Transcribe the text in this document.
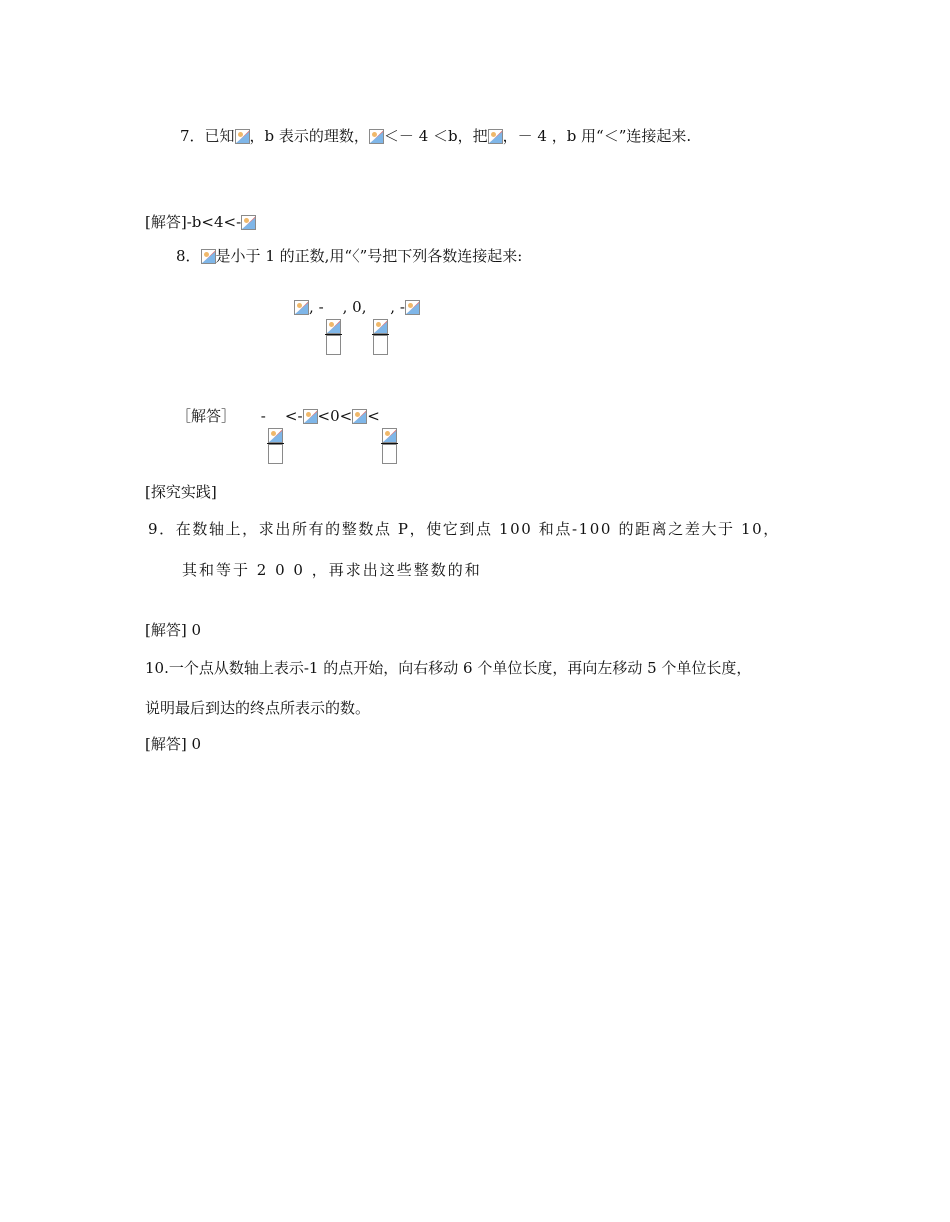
7．已知 ，b 表示的理数， ＜－ 4 ＜b，把 ，－ 4 ，b 用“＜”连接起来.
[解答]-b<4<-
8． 是小于 1 的正数,用“〈”号把下列各数连接起来:
, - , 0, , -
［解答］ - <- <0< <
[探究实践]
9．在数轴上，求出所有的整数点 P，使它到点 100 和点-100 的距离之差大于 10，
其和等于 2 0 0 ，再求出这些整数的和
[解答] 0
10.一个点从数轴上表示-1 的点开始，向右移动 6 个单位长度，再向左移动 5 个单位长度，
说明最后到达的终点所表示的数。
[解答] 0
